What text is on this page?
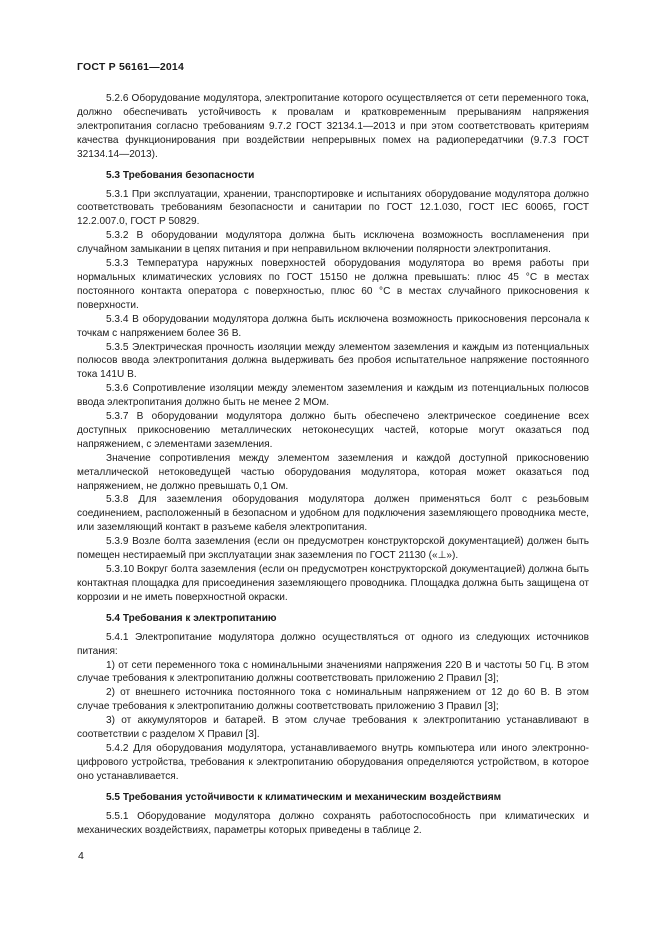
ГОСТ Р 56161—2014

5.2.6 Оборудование модулятора, электропитание которого осуществляется от сети переменного тока, должно обеспечивать устойчивость к провалам и кратковременным прерываниям напряжения электропитания согласно требованиям 9.7.2 ГОСТ 32134.1—2013 и при этом соответствовать критериям качества функционирования при воздействии непрерывных помех на радиопередатчики (9.7.3 ГОСТ 32134.14—2013).

5.3 Требования безопасности

5.3.1 При эксплуатации, хранении, транспортировке и испытаниях оборудование модулятора должно соответствовать требованиям безопасности и санитарии по ГОСТ 12.1.030, ГОСТ IEC 60065, ГОСТ 12.2.007.0, ГОСТ Р 50829.

5.3.2 В оборудовании модулятора должна быть исключена возможность воспламенения при случайном замыкании в цепях питания и при неправильном включении полярности электропитания.

5.3.3 Температура наружных поверхностей оборудования модулятора во время работы при нормальных климатических условиях по ГОСТ 15150 не должна превышать: плюс 45 °С в местах постоянного контакта оператора с поверхностью, плюс 60 °С в местах случайного прикосновения к поверхности.

5.3.4 В оборудовании модулятора должна быть исключена возможность прикосновения персонала к точкам с напряжением более 36 В.

5.3.5 Электрическая прочность изоляции между элементом заземления и каждым из потенциальных полюсов ввода электропитания должна выдерживать без пробоя испытательное напряжение постоянного тока 141U В.

5.3.6 Сопротивление изоляции между элементом заземления и каждым из потенциальных полюсов ввода электропитания должно быть не менее 2 МОм.

5.3.7 В оборудовании модулятора должно быть обеспечено электрическое соединение всех доступных прикосновению металлических нетоконесущих частей, которые могут оказаться под напряжением, с элементами заземления.

Значение сопротивления между элементом заземления и каждой доступной прикосновению металлической нетоковедущей частью оборудования модулятора, которая может оказаться под напряжением, не должно превышать 0,1 Ом.

5.3.8 Для заземления оборудования модулятора должен применяться болт с резьбовым соединением, расположенный в безопасном и удобном для подключения заземляющего проводника месте, или заземляющий контакт в разъеме кабеля электропитания.

5.3.9 Возле болта заземления (если он предусмотрен конструкторской документацией) должен быть помещен нестираемый при эксплуатации знак заземления по ГОСТ 21130 («⊥»).

5.3.10 Вокруг болта заземления (если он предусмотрен конструкторской документацией) должна быть контактная площадка для присоединения заземляющего проводника. Площадка должна быть защищена от коррозии и не иметь поверхностной окраски.

5.4 Требования к электропитанию

5.4.1 Электропитание модулятора должно осуществляться от одного из следующих источников питания:

1) от сети переменного тока с номинальными значениями напряжения 220 В и частоты 50 Гц. В этом случае требования к электропитанию должны соответствовать приложению 2 Правил [3];

2) от внешнего источника постоянного тока с номинальным напряжением от 12 до 60 В. В этом случае требования к электропитанию должны соответствовать приложению 3 Правил [3];

3) от аккумуляторов и батарей. В этом случае требования к электропитанию устанавливают в соответствии с разделом X Правил [3].

5.4.2 Для оборудования модулятора, устанавливаемого внутрь компьютера или иного электронно-цифрового устройства, требования к электропитанию оборудования определяются устройством, в которое оно устанавливается.

5.5 Требования устойчивости к климатическим и механическим воздействиям

5.5.1 Оборудование модулятора должно сохранять работоспособность при климатических и механических воздействиях, параметры которых приведены в таблице 2.

4
